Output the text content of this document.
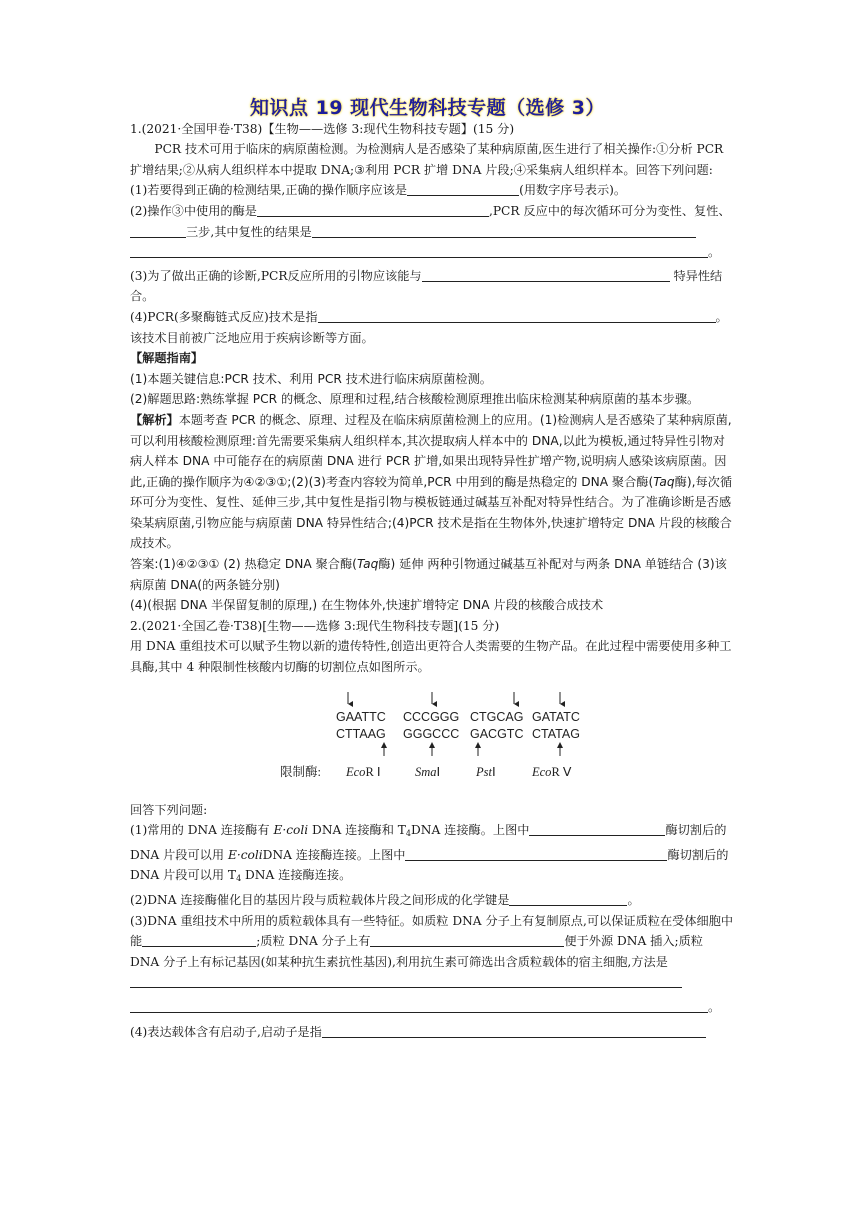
知识点 19 现代生物科技专题（选修 3）

1.(2021·全国甲卷·T38)【生物——选修 3:现代生物科技专题】(15 分)

PCR 技术可用于临床的病原菌检测。为检测病人是否感染了某种病原菌,医生进行了相关操作:①分析 PCR 扩增结果;②从病人组织样本中提取 DNA;③利用 PCR 扩增 DNA 片段;④采集病人组织样本。回答下列问题:

(1)若要得到正确的检测结果,正确的操作顺序应该是	(用数字序号表示)。

(2)操作③中使用的酶是	,PCR 反应中的每次循环可分为变性、复性、三步,其中复性的结果是

。

(3)为了做出正确的诊断,PCR反应所用的引物应该能与	特异性结合。

(4)PCR(多聚酶链式反应)技术是指	。

该技术目前被广泛地应用于疾病诊断等方面。

【解题指南】

(1)本题关键信息:PCR 技术、利用 PCR 技术进行临床病原菌检测。

(2)解题思路:熟练掌握 PCR 的概念、原理和过程,结合核酸检测原理推出临床检测某种病原菌的基本步骤。

【解析】本题考查 PCR 的概念、原理、过程及在临床病原菌检测上的应用。(1)检测病人是否感染了某种病原菌,可以利用核酸检测原理:首先需要采集病人组织样本,其次提取病人样本中的 DNA,以此为模板,通过特异性引物对病人样本 DNA 中可能存在的病原菌 DNA 进行 PCR 扩增,如果出现特异性扩增产物,说明病人感染该病原菌。因此,正确的操作顺序为④②③①;(2)(3)考查内容较为简单,PCR 中用到的酶是热稳定的 DNA 聚合酶(Taq酶),每次循环可分为变性、复性、延伸三步,其中复性是指引物与模板链通过碱基互补配对特异性结合。为了准确诊断是否感染某病原菌,引物应能与病原菌 DNA 特异性结合;(4)PCR 技术是指在生物体外,快速扩增特定 DNA 片段的核酸合成技术。

答案:(1)④②③① (2) 热稳定 DNA 聚合酶(Taq酶) 延伸 两种引物通过碱基互补配对与两条 DNA 单链结合 (3)该病原菌 DNA(的两条链分别)

(4)(根据 DNA 半保留复制的原理,) 在生物体外,快速扩增特定 DNA 片段的核酸合成技术

2.(2021·全国乙卷·T38)[生物——选修 3:现代生物科技专题](15 分)

用 DNA 重组技术可以赋予生物以新的遗传特性,创造出更符合人类需要的生物产品。在此过程中需要使用多种工具酶,其中 4 种限制性核酸内切酶的切割位点如图所示。

GAATTC CCCGGG CTGCAG GATATC
CTTAAG GGGCCC GACGTC CTATAG
限制酶: EcoR Ⅰ	SmaⅠ	PstⅠ	EcoR Ⅴ

回答下列问题:

(1)常用的 DNA 连接酶有 E·coli DNA 连接酶和 T4DNA 连接酶。上图中	酶切割后的 DNA 片段可以用 E·coliDNA 连接酶连接。上图中	酶切割后的 DNA 片段可以用 T4 DNA 连接酶连接。

(2)DNA 连接酶催化目的基因片段与质粒载体片段之间形成的化学键是	。

(3)DNA 重组技术中所用的质粒载体具有一些特征。如质粒 DNA 分子上有复制原点,可以保证质粒在受体细胞中能	;质粒 DNA 分子上有	便于外源 DNA 插入;质粒 DNA 分子上有标记基因(如某种抗生素抗性基因),利用抗生素可筛选出含质粒载体的宿主细胞,方法是

。

(4)表达载体含有启动子,启动子是指
